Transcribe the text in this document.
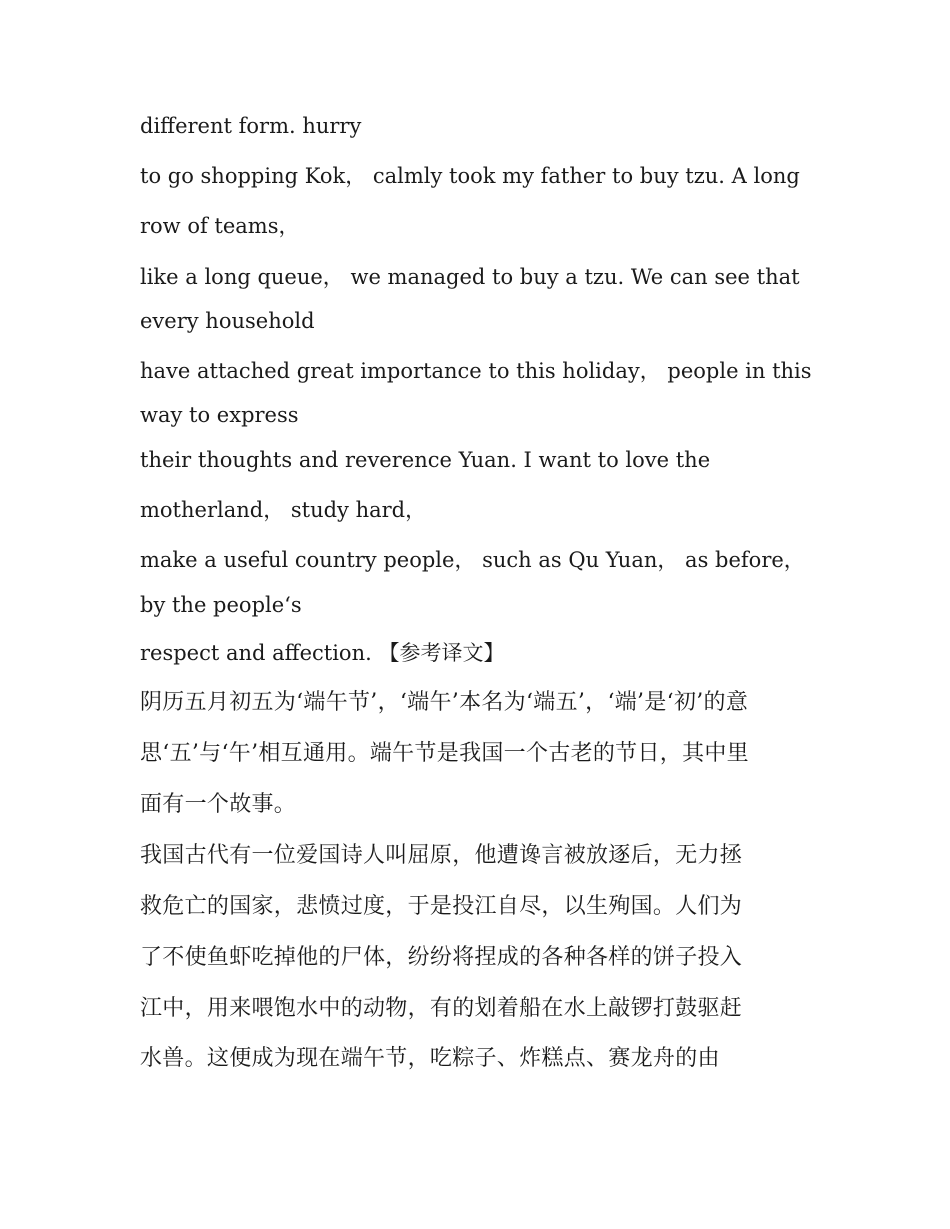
different form. hurry
to go shopping Kok， calmly took my father to buy tzu. A long
row of teams，
like a long queue， we managed to buy a tzu. We can see that
every household
have attached great importance to this holiday， people in this
way to express
their thoughts and reverence Yuan. I want to love the
motherland， study hard，
make a useful country people， such as Qu Yuan， as before，
by the people‘s
respect and affection. 【参考译文】
阴历五月初五为‘端午节’，‘端午’本名为‘端五’，‘端’是‘初’的意
思‘五’与‘午’相互通用。端午节是我国一个古老的节日，其中里
面有一个故事。
我国古代有一位爱国诗人叫屈原，他遭谗言被放逐后，无力拯
救危亡的国家，悲愤过度，于是投江自尽，以生殉国。人们为
了不使鱼虾吃掉他的尸体，纷纷将捏成的各种各样的饼子投入
江中，用来喂饱水中的动物，有的划着船在水上敲锣打鼓驱赶
水兽。这便成为现在端午节，吃粽子、炸糕点、赛龙舟的由
